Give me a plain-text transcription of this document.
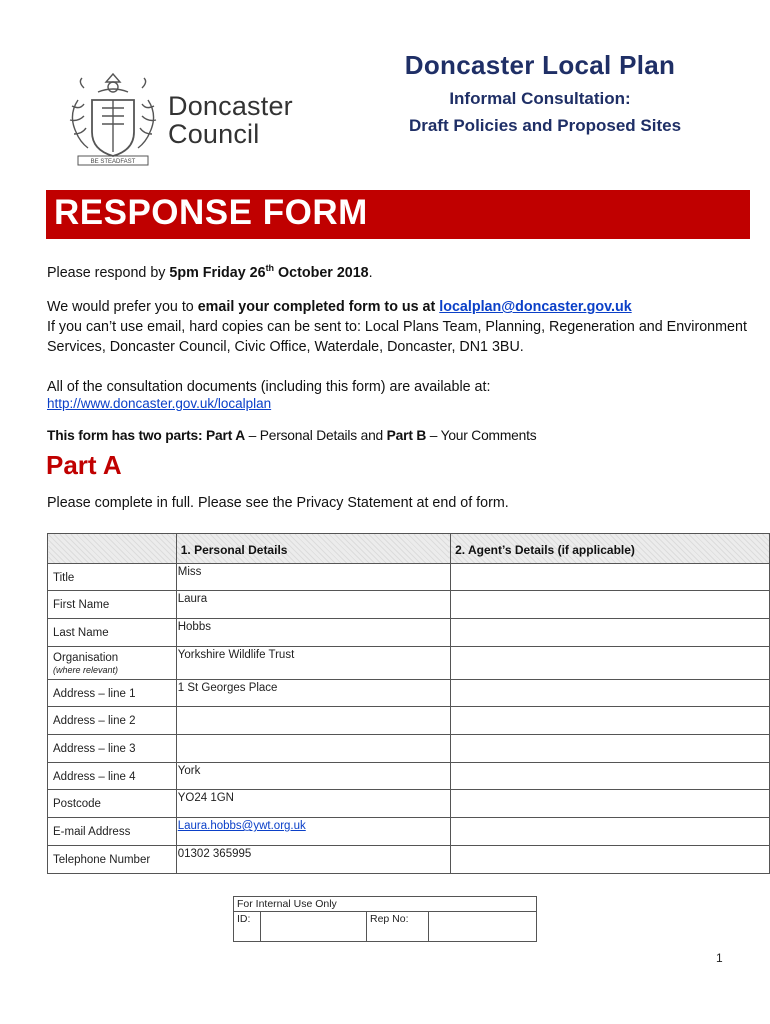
BE STEADFAST
Doncaster
Council
Doncaster Local Plan
Informal Consultation:
Draft Policies and Proposed Sites
RESPONSE FORM
Please respond by 5pm Friday 26th October 2018.
We would prefer you to email your completed form to us at localplan@doncaster.gov.uk
If you can’t use email, hard copies can be sent to: Local Plans Team, Planning, Regeneration and Environment Services, Doncaster Council, Civic Office, Waterdale, Doncaster, DN1 3BU.
All of the consultation documents (including this form) are available at:
http://www.doncaster.gov.uk/localplan
This form has two parts: Part A – Personal Details and Part B – Your Comments
Part A
Please complete in full. Please see the Privacy Statement at end of form.
	1. Personal Details	2. Agent’s Details (if applicable)
Title	Miss	
First Name	Laura	
Last Name	Hobbs	
Organisation
(where relevant)	Yorkshire Wildlife Trust	
Address – line 1	1 St Georges Place	
Address – line 2		
Address – line 3		
Address – line 4	York	
Postcode	YO24 1GN	
E-mail Address	Laura.hobbs@ywt.org.uk	
Telephone Number	01302 365995	
For Internal Use Only
ID:		Rep No:	
1
